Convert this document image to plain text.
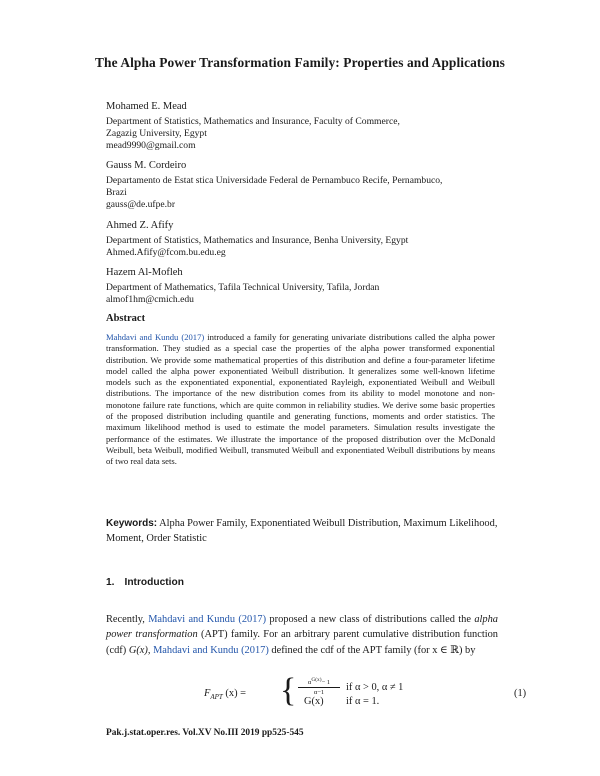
The Alpha Power Transformation Family: Properties and Applications
Mohamed E. Mead
Department of Statistics, Mathematics and Insurance, Faculty of Commerce,
Zagazig University, Egypt
mead9990@gmail.com
Gauss M. Cordeiro
Departamento de Estat stica Universidade Federal de Pernambuco Recife, Pernambuco,
Brazi
gauss@de.ufpe.br
Ahmed Z. Afify
Department of Statistics, Mathematics and Insurance, Benha University, Egypt
Ahmed.Afify@fcom.bu.edu.eg
Hazem Al-Mofleh
Department of Mathematics, Tafila Technical University, Tafila, Jordan
almof1hm@cmich.edu
Abstract
Mahdavi and Kundu (2017) introduced a family for generating univariate distributions called the alpha power transformation. They studied as a special case the properties of the alpha power transformed exponential distribution. We provide some mathematical properties of this distribution and define a four-parameter lifetime model called the alpha power exponentiated Weibull distribution. It generalizes some well-known lifetime models such as the exponentiated exponential, exponentiated Rayleigh, exponentiated Weibull and Weibull distributions. The importance of the new distribution comes from its ability to model monotone and non-monotone failure rate functions, which are quite common in reliability studies. We derive some basic properties of the proposed distribution including quantile and generating functions, moments and order statistics. The maximum likelihood method is used to estimate the model parameters. Simulation results investigate the performance of the estimates. We illustrate the importance of the proposed distribution over the McDonald Weibull, beta Weibull, modified Weibull, transmuted Weibull and exponentiated Weibull distributions by means of two real data sets.
Keywords: Alpha Power Family, Exponentiated Weibull Distribution, Maximum Likelihood, Moment, Order Statistic
1. Introduction
Recently, Mahdavi and Kundu (2017) proposed a new class of distributions called the alpha power transformation (APT) family. For an arbitrary parent cumulative distribution function (cdf) G(x), Mahdavi and Kundu (2017) defined the cdf of the APT family (for x ∈ ℝ) by
$F_{APT}$ (x) = {	$\alpha^{G(x)}- 1$
α−1
G(x)
if α > 0, α ≠ 1
if α = 1.
(1)
Pak.j.stat.oper.res. Vol.XV No.III 2019 pp525-545
